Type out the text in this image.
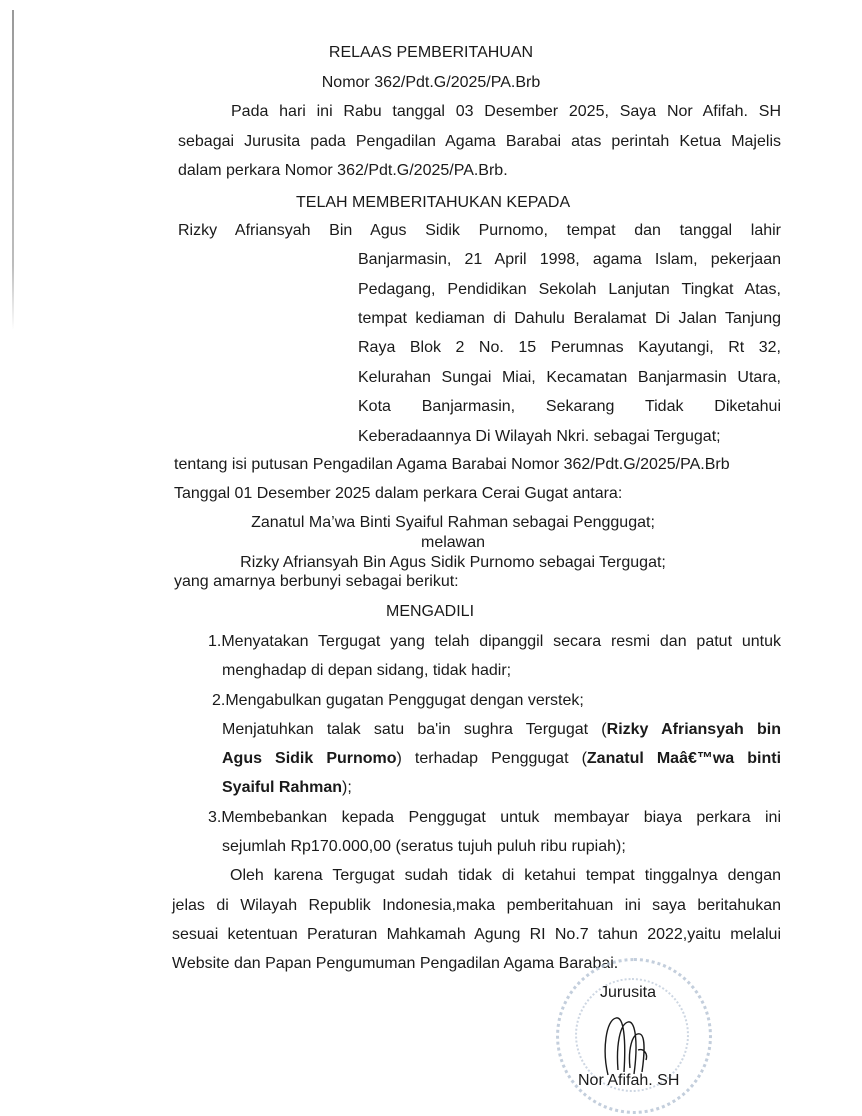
RELAAS PEMBERITAHUAN
Nomor 362/Pdt.G/2025/PA.Brb
Pada hari ini Rabu tanggal 03 Desember 2025, Saya Nor Afifah. SH
sebagai Jurusita pada Pengadilan Agama Barabai atas perintah Ketua Majelis
dalam perkara Nomor 362/Pdt.G/2025/PA.Brb.
TELAH MEMBERITAHUKAN KEPADA
Rizky Afriansyah Bin Agus Sidik Purnomo, tempat dan tanggal lahir
Banjarmasin, 21 April 1998, agama Islam, pekerjaan
Pedagang, Pendidikan Sekolah Lanjutan Tingkat Atas,
tempat kediaman di Dahulu Beralamat Di Jalan Tanjung
Raya Blok 2 No. 15 Perumnas Kayutangi, Rt 32,
Kelurahan Sungai Miai, Kecamatan Banjarmasin Utara,
Kota Banjarmasin, Sekarang Tidak Diketahui
Keberadaannya Di Wilayah Nkri. sebagai Tergugat;
tentang isi putusan Pengadilan Agama Barabai Nomor 362/Pdt.G/2025/PA.Brb
Tanggal 01 Desember 2025 dalam perkara Cerai Gugat antara:
Zanatul Ma’wa Binti Syaiful Rahman sebagai Penggugat;
melawan
Rizky Afriansyah Bin Agus Sidik Purnomo sebagai Tergugat;
yang amarnya berbunyi sebagai berikut:
MENGADILI
1.Menyatakan Tergugat yang telah dipanggil secara resmi dan patut untuk
menghadap di depan sidang, tidak hadir;
2.Mengabulkan gugatan Penggugat dengan verstek;
Menjatuhkan talak satu ba'in sughra Tergugat (Rizky Afriansyah bin
Agus Sidik Purnomo) terhadap Penggugat (Zanatul Maâ€™wa binti
Syaiful Rahman);
3.Membebankan kepada Penggugat untuk membayar biaya perkara ini
sejumlah Rp170.000,00 (seratus tujuh puluh ribu rupiah);
Oleh karena Tergugat sudah tidak di ketahui tempat tinggalnya dengan
jelas di Wilayah Republik Indonesia,maka pemberitahuan ini saya beritahukan
sesuai ketentuan Peraturan Mahkamah Agung RI No.7 tahun 2022,yaitu melalui
Website dan Papan Pengumuman Pengadilan Agama Barabai.
Jurusita
Nor Afifah. SH
